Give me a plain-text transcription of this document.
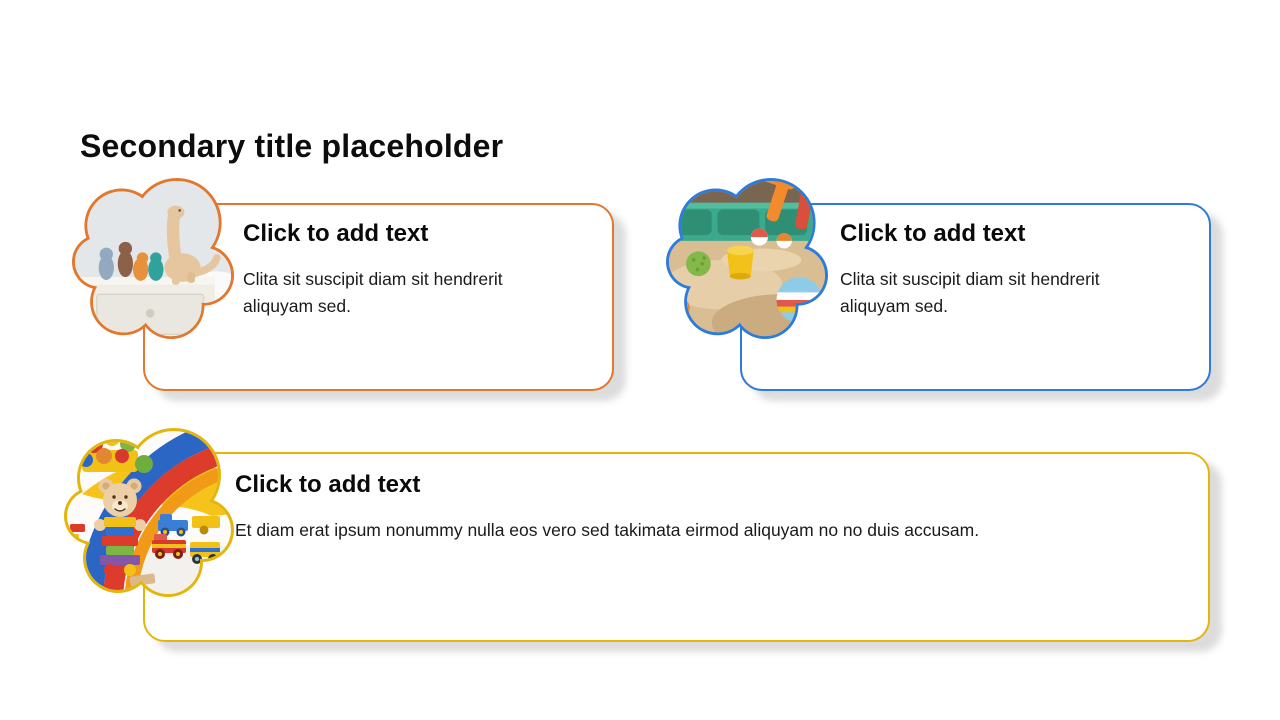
Secondary title placeholder
Click to add text

Clita sit suscipit diam sit hendrerit aliquyam sed.

Click to add text

Clita sit suscipit diam sit hendrerit aliquyam sed.

Click to add text

Et diam erat ipsum nonummy nulla eos vero sed takimata eirmod aliquyam no no duis accusam.
